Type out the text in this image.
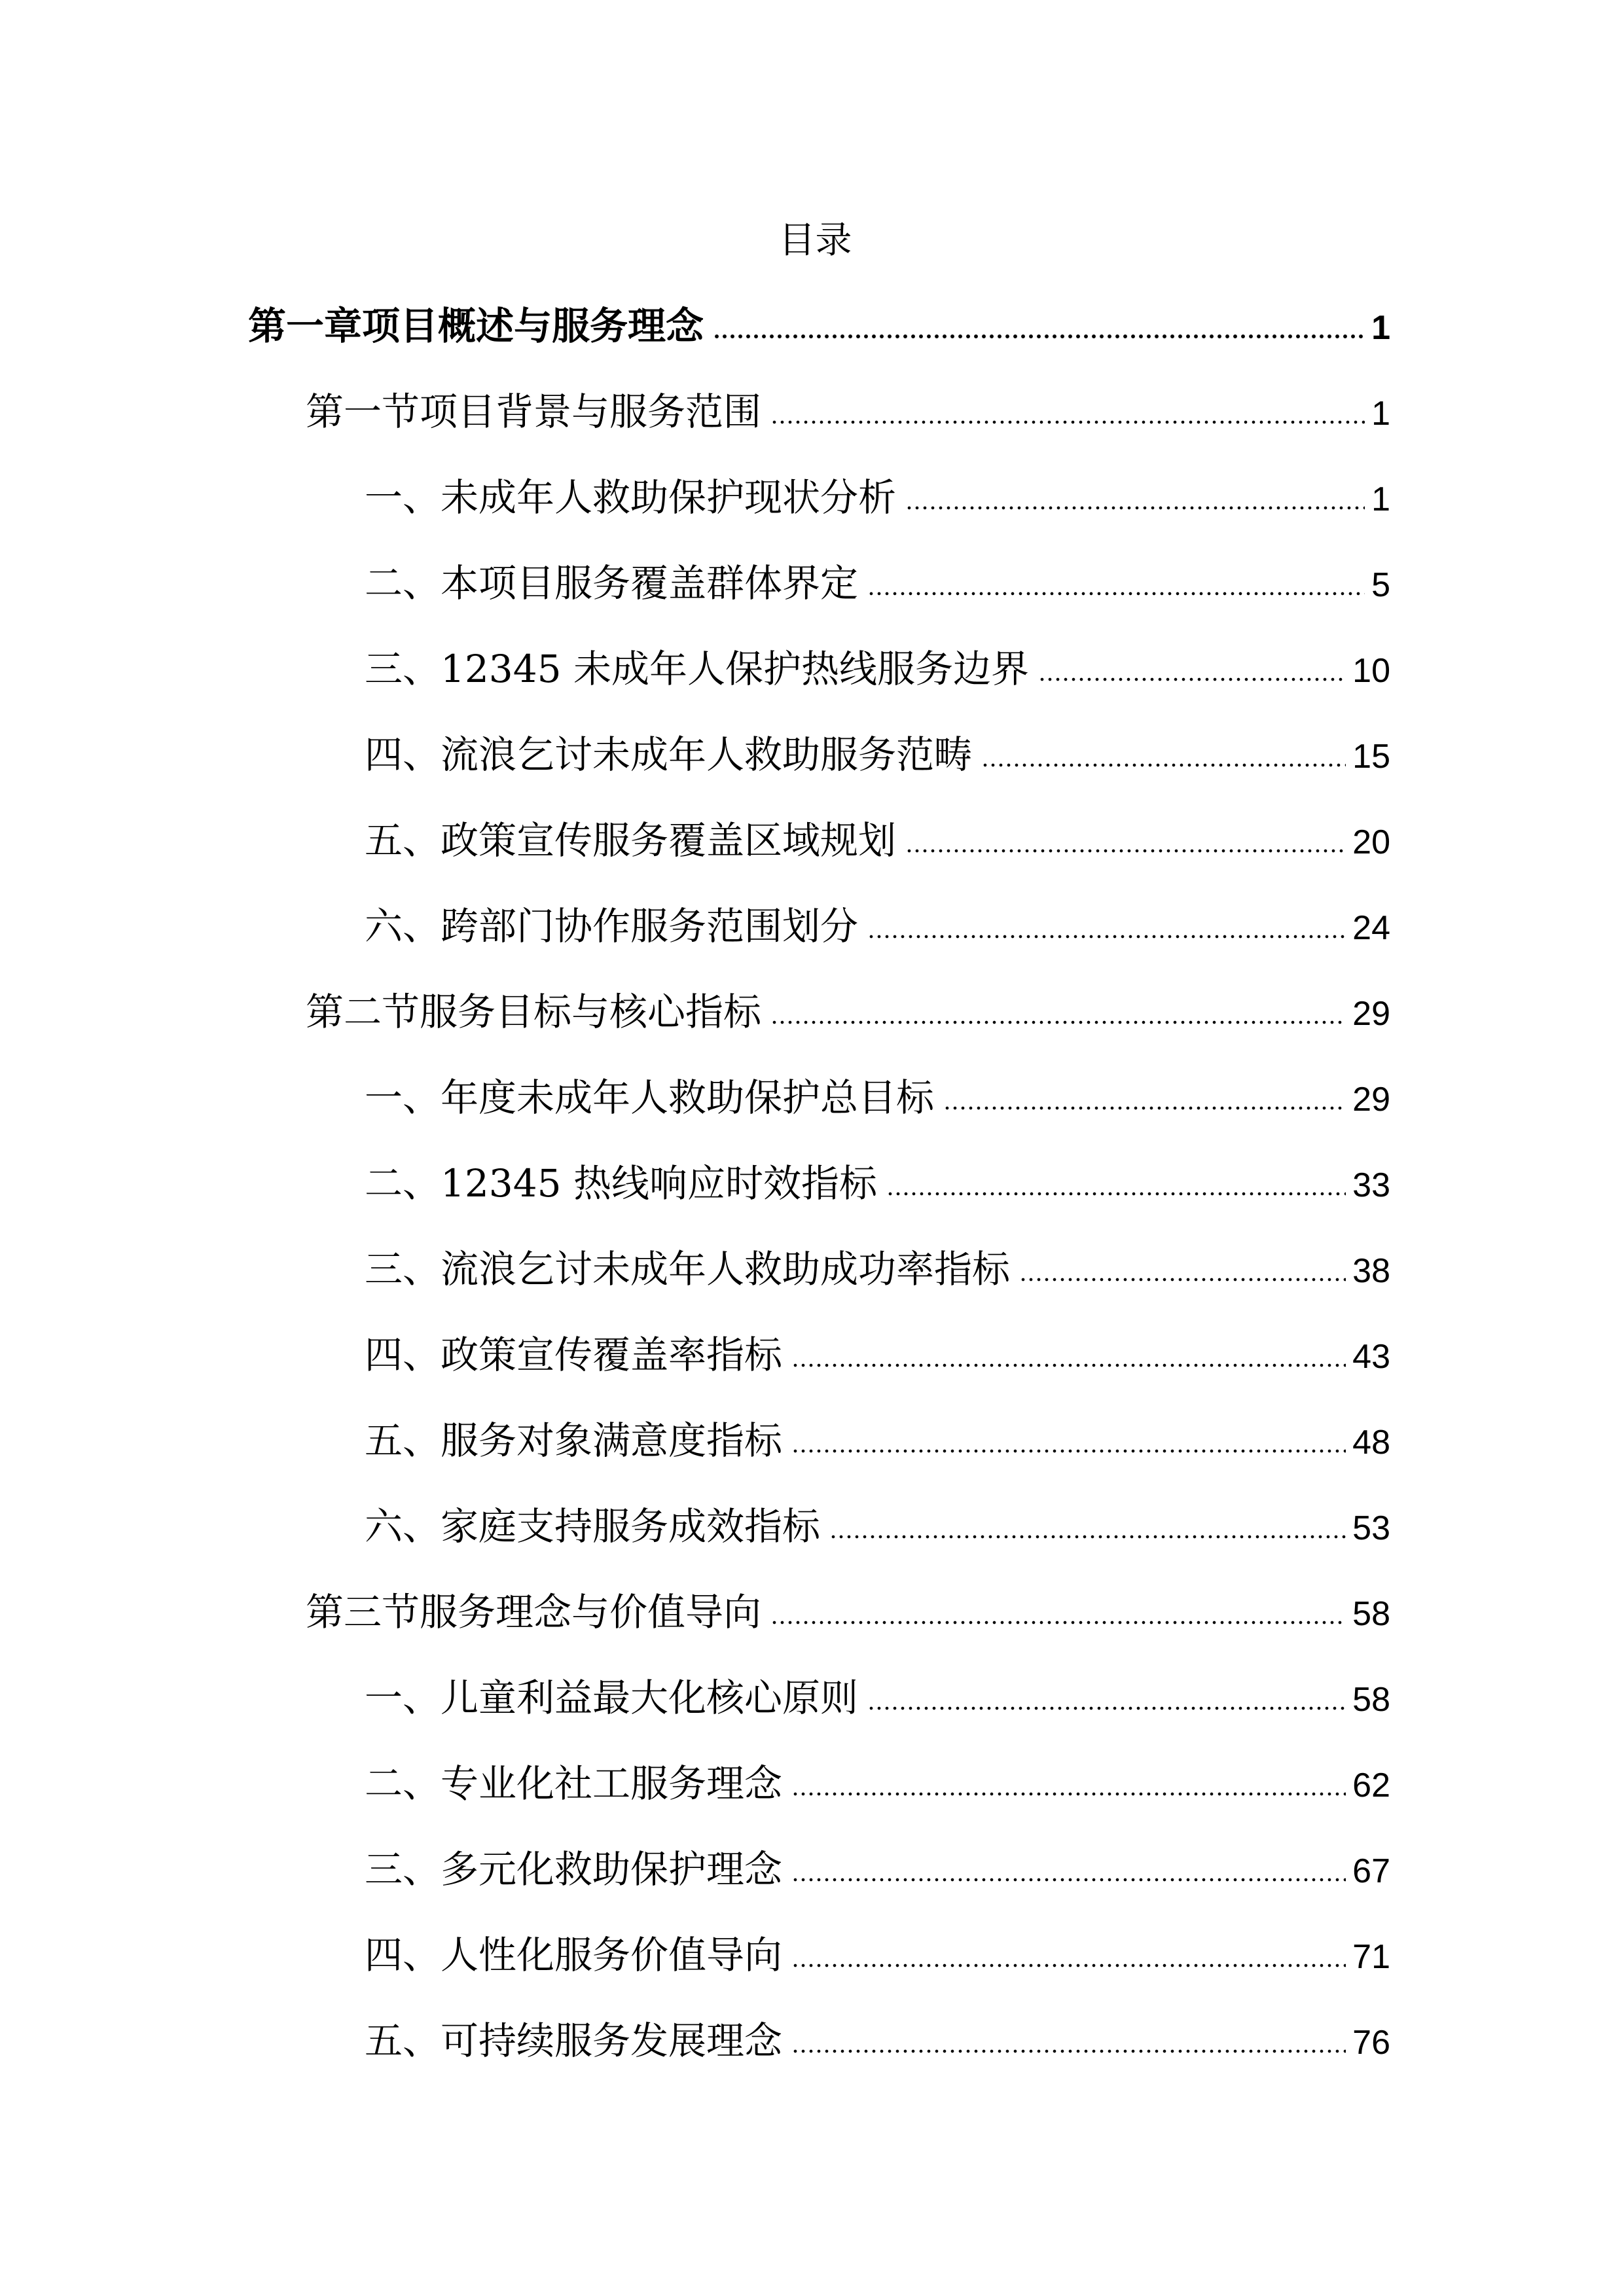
目录
第一章项目概述与服务理念	1
第一节项目背景与服务范围	1
一、未成年人救助保护现状分析	1
二、本项目服务覆盖群体界定	5
三、12345 未成年人保护热线服务边界	10
四、流浪乞讨未成年人救助服务范畴	15
五、政策宣传服务覆盖区域规划	20
六、跨部门协作服务范围划分	24
第二节服务目标与核心指标	29
一、年度未成年人救助保护总目标	29
二、12345 热线响应时效指标	33
三、流浪乞讨未成年人救助成功率指标	38
四、政策宣传覆盖率指标	43
五、服务对象满意度指标	48
六、家庭支持服务成效指标	53
第三节服务理念与价值导向	58
一、儿童利益最大化核心原则	58
二、专业化社工服务理念	62
三、多元化救助保护理念	67
四、人性化服务价值导向	71
五、可持续服务发展理念	76
